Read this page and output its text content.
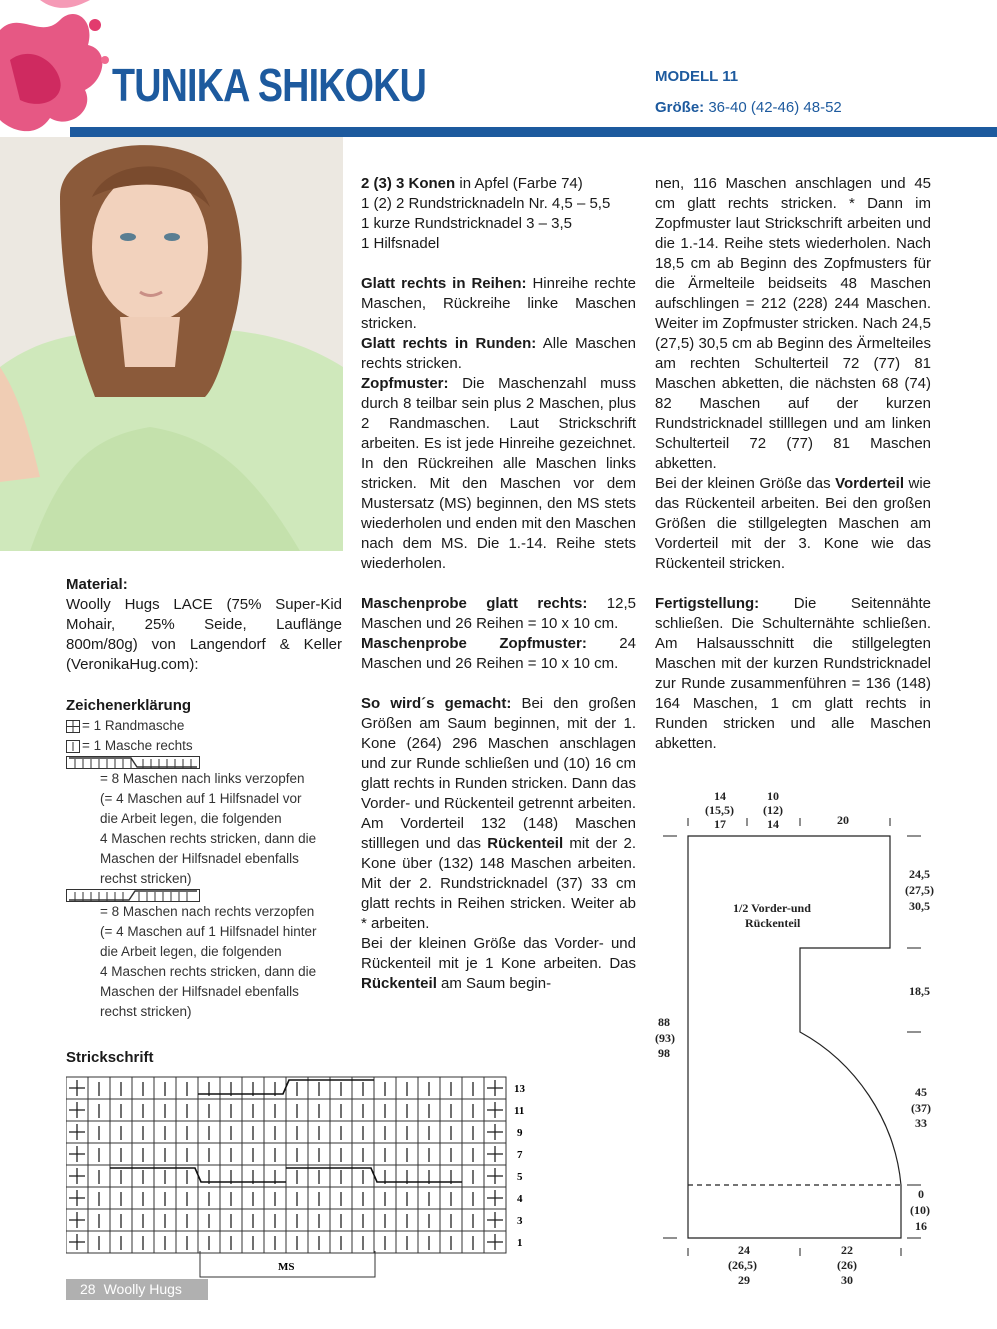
TUNIKA SHIKOKU	MODELL 11
Größe: 36-40 (42-46) 48-52

Material:

Woolly Hugs LACE (75% Super-Kid Mohair, 25% Seide, Lauflänge 800m/80g) von Langendorf & Keller (VeronikaHug.com):

Zeichenerklärung
= 1 Randmasche
= 1 Masche rechts
= 8 Maschen nach links verzopfen
(= 4 Maschen auf 1 Hilfsnadel vor
die Arbeit legen, die folgenden
4 Maschen rechts stricken, dann die
Maschen der Hilfsnadel ebenfalls
rechst stricken)
= 8 Maschen nach rechts verzopfen
(= 4 Maschen auf 1 Hilfsnadel hinter
die Arbeit legen, die folgenden
4 Maschen rechts stricken, dann die
Maschen der Hilfsnadel ebenfalls
rechst stricken)
Strickschrift
13
11
9
7
5
4
3
1
MS

2 (3) 3 Konen in Apfel (Farbe 74)

1 (2) 2 Rundstricknadeln Nr. 4,5 – 5,5

1 kurze Rundstricknadel 3 – 3,5

1 Hilfsnadel

Glatt rechts in Reihen: Hinreihe rechte Maschen, Rückreihe linke Maschen stricken.

Glatt rechts in Runden: Alle Maschen rechts stricken.

Zopfmuster: Die Maschenzahl muss durch 8 teilbar sein plus 2 Maschen, plus 2 Randmaschen. Laut Strickschrift arbeiten. Es ist jede Hinreihe gezeichnet. In den Rückreihen alle Maschen links stricken. Mit den Maschen vor dem Mustersatz (MS) beginnen, den MS stets wiederholen und enden mit den Maschen nach dem MS. Die 1.-14. Reihe stets wiederholen.

Maschenprobe glatt rechts: 12,5 Maschen und 26 Reihen = 10 x 10 cm.

Maschenprobe Zopfmuster: 24 Maschen und 26 Reihen = 10 x 10 cm.

So wird´s gemacht: Bei den großen Größen am Saum beginnen, mit der 1. Kone (264) 296 Maschen anschlagen und zur Runde schließen und (10) 16 cm glatt rechts in Runden stricken. Dann das Vorder- und Rückenteil getrennt arbeiten. Am Vorderteil 132 (148) Maschen stilllegen und das Rückenteil mit der 2. Kone über (132) 148 Maschen arbeiten. Mit der 2. Rundstricknadel (37) 33 cm glatt rechts in Reihen stricken. Weiter ab * arbeiten.

Bei der kleinen Größe das Vorder- und Rückenteil mit je 1 Kone arbeiten. Das Rückenteil am Saum begin-

nen, 116 Maschen anschlagen und 45 cm glatt rechts stricken. * Dann im Zopfmuster laut Strickschrift arbeiten und die 1.-14. Reihe stets wiederholen. Nach 18,5 cm ab Beginn des Zopfmusters für die Ärmelteile beidseits 48 Maschen aufschlingen = 212 (228) 244 Maschen. Weiter im Zopfmuster stricken. Nach 24,5 (27,5) 30,5 cm ab Beginn des Ärmelteiles am rechten Schulterteil 72 (77) 81 Maschen abketten, die nächsten 68 (74) 82 Maschen auf der kurzen Rundstricknadel stilllegen und am linken Schulterteil 72 (77) 81 Maschen abketten.

Bei der kleinen Größe das Vorderteil wie das Rückenteil arbeiten. Bei den großen Größen die stillgelegten Maschen am Vorderteil mit der 3. Kone wie das Rückenteil stricken.

Fertigstellung: Die Seitennähte schließen. Die Schulternähte schließen. Am Halsausschnitt die stillgelegten Maschen mit der kurzen Rundstricknadel zur Runde zusammenführen = 136 (148) 164 Maschen, 1 cm glatt rechts in Runden stricken und alle Maschen abketten.

1/2 Vorder-und
Rückenteil
14
(15,5)
17
10
(12)
14	20
24,5
(27,5)
30,5
18,5
45
(37)
33
0
(10)
16
88
(93)
98
24
(26,5)
29
22
(26)
30
28 Woolly Hugs
